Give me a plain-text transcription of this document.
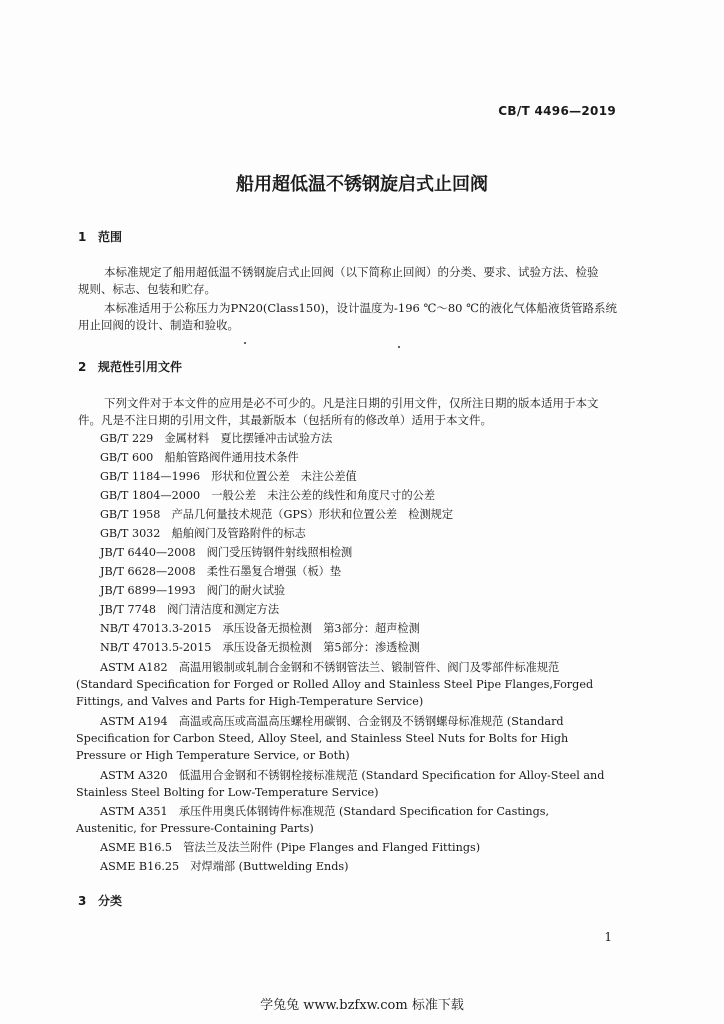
CB/T 4496—2019
船用超低温不锈钢旋启式止回阀
1 范围
本标准规定了船用超低温不锈钢旋启式止回阀（以下简称止回阀）的分类、要求、试验方法、检验
规则、标志、包装和贮存。
本标准适用于公称压力为PN20(Class150)，设计温度为-196 ℃～80 ℃的液化气体船液货管路系统
用止回阀的设计、制造和验收。
2 规范性引用文件
下列文件对于本文件的应用是必不可少的。凡是注日期的引用文件，仅所注日期的版本适用于本文
件。凡是不注日期的引用文件，其最新版本（包括所有的修改单）适用于本文件。
GB/T 229　金属材料　夏比摆锤冲击试验方法
GB/T 600　船舶管路阀件通用技术条件
GB/T 1184—1996　形状和位置公差　未注公差值
GB/T 1804—2000　一般公差　未注公差的线性和角度尺寸的公差
GB/T 1958　产品几何量技术规范（GPS）形状和位置公差　检测规定
GB/T 3032　船舶阀门及管路附件的标志
JB/T 6440—2008　阀门受压铸钢件射线照相检测
JB/T 6628—2008　柔性石墨复合增强（板）垫
JB/T 6899—1993　阀门的耐火试验
JB/T 7748　阀门清洁度和测定方法
NB/T 47013.3-2015　承压设备无损检测　第3部分：超声检测
NB/T 47013.5-2015　承压设备无损检测　第5部分：渗透检测
ASTM A182　高温用锻制或轧制合金钢和不锈钢管法兰、锻制管件、阀门及零部件标准规范
(Standard Specification for Forged or Rolled Alloy and Stainless Steel Pipe Flanges,Forged
Fittings, and Valves and Parts for High-Temperature Service)
ASTM A194　高温或高压或高温高压螺栓用碳钢、合金钢及不锈钢螺母标准规范 (Standard
Specification for Carbon Steed, Alloy Steel, and Stainless Steel Nuts for Bolts for High
Pressure or High Temperature Service, or Both)
ASTM A320　低温用合金钢和不锈钢栓接标准规范 (Standard Specification for Alloy-Steel and
Stainless Steel Bolting for Low-Temperature Service)
ASTM A351　承压件用奥氏体钢铸件标准规范 (Standard Specification for Castings,
Austenitic, for Pressure-Containing Parts)
ASME B16.5　管法兰及法兰附件 (Pipe Flanges and Flanged Fittings)
ASME B16.25　对焊端部 (Buttwelding Ends)
3 分类
1
学兔兔 www.bzfxw.com 标准下载
